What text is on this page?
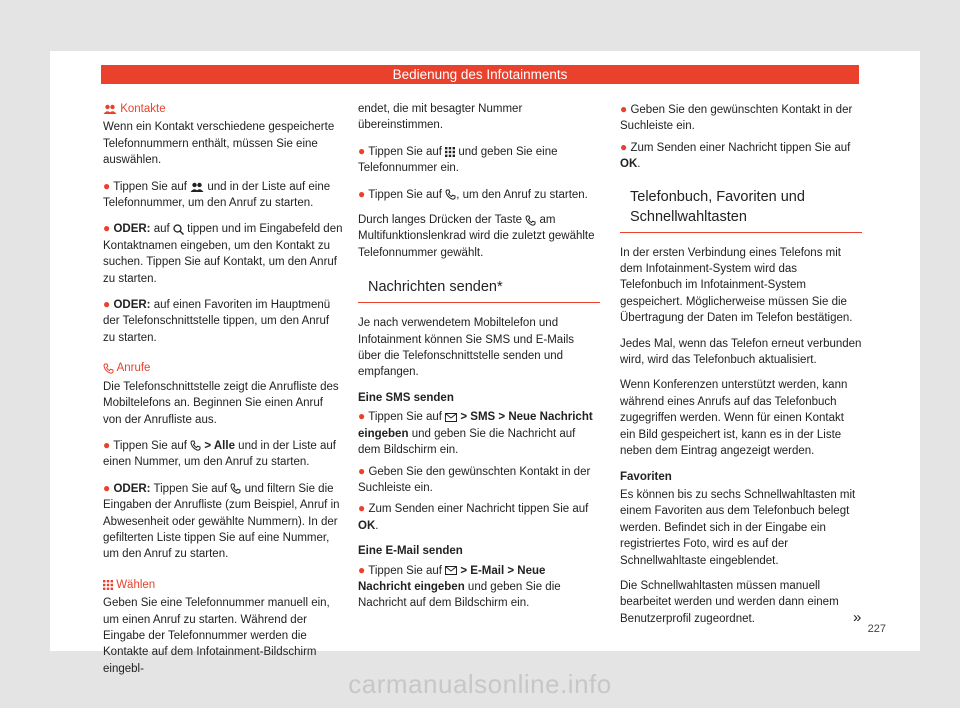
Bedienung des Infotainments

Kontakte

Wenn ein Kontakt verschiedene gespeicherte Telefonnummern enthält, müssen Sie eine auswählen.

● Tippen Sie auf und in der Liste auf eine Telefonnummer, um den Anruf zu starten.

● ODER: auf tippen und im Eingabefeld den Kontaktnamen eingeben, um den Kontakt zu suchen. Tippen Sie auf Kontakt, um den Anruf zu starten.

● ODER: auf einen Favoriten im Hauptmenü der Telefonschnittstelle tippen, um den Anruf zu starten.

Anrufe

Die Telefonschnittstelle zeigt die Anrufliste des Mobiltelefons an. Beginnen Sie einen Anruf von der Anrufliste aus.

● Tippen Sie auf > Alle und in der Liste auf einen Nummer, um den Anruf zu starten.

● ODER: Tippen Sie auf und filtern Sie die Eingaben der Anrufliste (zum Beispiel, Anruf in Abwesenheit oder gewählte Nummern). In der gefilterten Liste tippen Sie auf eine Nummer, um den Anruf zu starten.

Wählen

Geben Sie eine Telefonnummer manuell ein, um einen Anruf zu starten. Während der Eingabe der Telefonnummer werden die Kontakte auf dem Infotainment-Bildschirm eingebl-

endet, die mit besagter Nummer übereinstimmen.

● Tippen Sie auf und geben Sie eine Telefonnummer ein.

● Tippen Sie auf , um den Anruf zu starten.

Durch langes Drücken der Taste am Multifunktionslenkrad wird die zuletzt gewählte Telefonnummer gewählt.

Nachrichten senden*

Je nach verwendetem Mobiltelefon und Infotainment können Sie SMS und E-Mails über die Telefonschnittstelle senden und empfangen.

Eine SMS senden

● Tippen Sie auf > SMS > Neue Nachricht eingeben und geben Sie die Nachricht auf dem Bildschirm ein.

● Geben Sie den gewünschten Kontakt in der Suchleiste ein.

● Zum Senden einer Nachricht tippen Sie auf OK.

Eine E-Mail senden

● Tippen Sie auf > E-Mail > Neue Nachricht eingeben und geben Sie die Nachricht auf dem Bildschirm ein.

● Geben Sie den gewünschten Kontakt in der Suchleiste ein.

● Zum Senden einer Nachricht tippen Sie auf OK.

Telefonbuch, Favoriten und Schnellwahltasten

In der ersten Verbindung eines Telefons mit dem Infotainment-System wird das Telefonbuch im Infotainment-System gespeichert. Möglicherweise müssen Sie die Übertragung der Daten im Telefon bestätigen.

Jedes Mal, wenn das Telefon erneut verbunden wird, wird das Telefonbuch aktualisiert.

Wenn Konferenzen unterstützt werden, kann während eines Anrufs auf das Telefonbuch zugegriffen werden. Wenn für einen Kontakt ein Bild gespeichert ist, kann es in der Liste neben dem Eintrag angezeigt werden.

Favoriten

Es können bis zu sechs Schnellwahltasten mit einem Favoriten aus dem Telefonbuch belegt werden. Befindet sich in der Eingabe ein registriertes Foto, wird es auf der Schnellwahltaste eingeblendet.

Die Schnellwahltasten müssen manuell bearbeitet werden und werden dann einem Benutzerprofil zugeordnet.	»
227
carmanualsonline.info
